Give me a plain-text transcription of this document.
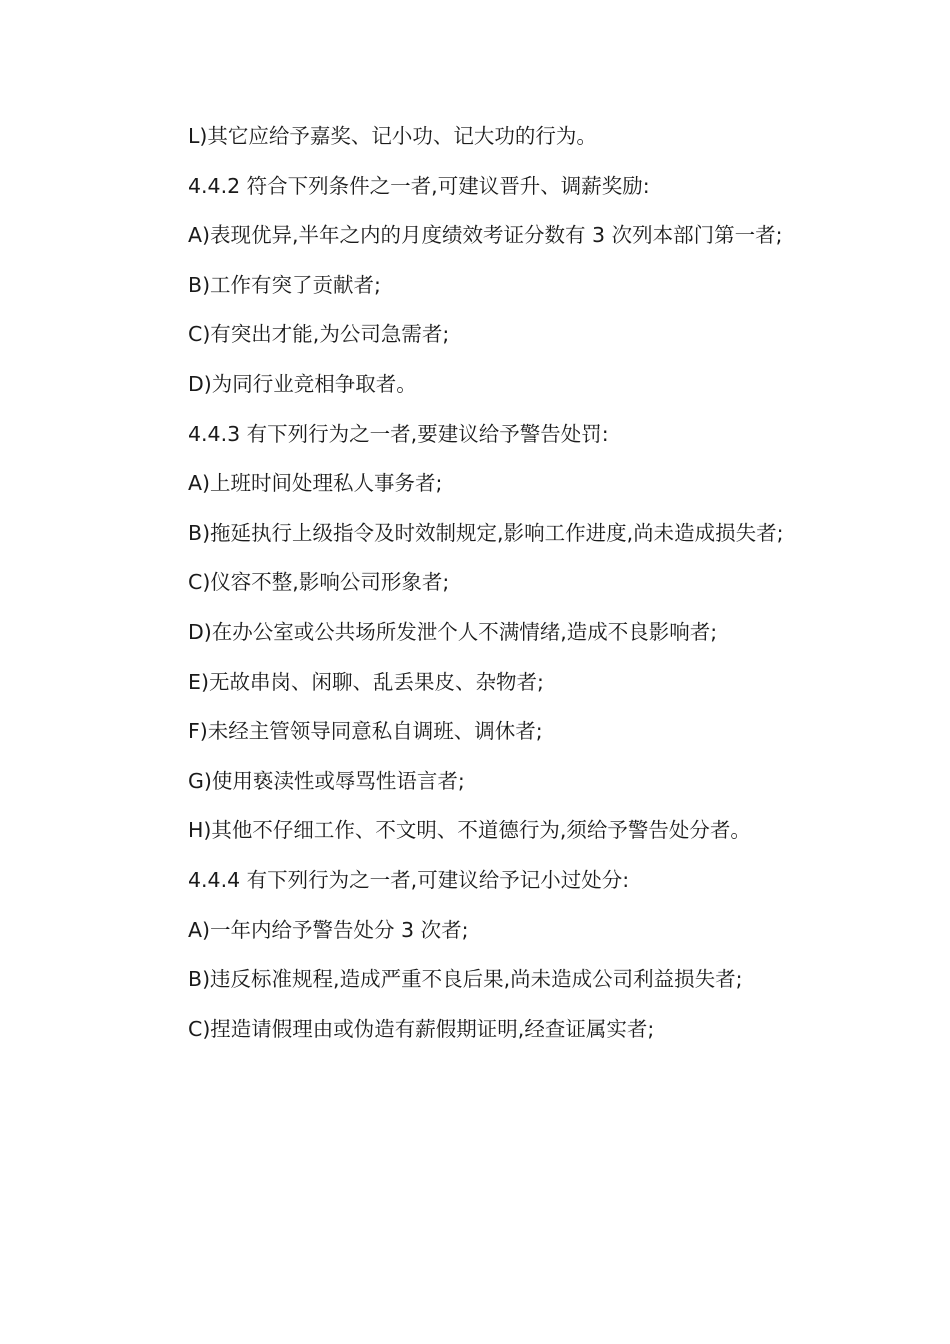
L)其它应给予嘉奖、记小功、记大功的行为。

4.4.2 符合下列条件之一者,可建议晋升、调薪奖励:

A)表现优异,半年之内的月度绩效考证分数有 3 次列本部门第一者;

B)工作有突了贡献者;

C)有突出才能,为公司急需者;

D)为同行业竞相争取者。

4.4.3 有下列行为之一者,要建议给予警告处罚:

A)上班时间处理私人事务者;

B)拖延执行上级指令及时效制规定,影响工作进度,尚未造成损失者;

C)仪容不整,影响公司形象者;

D)在办公室或公共场所发泄个人不满情绪,造成不良影响者;

E)无故串岗、闲聊、乱丢果皮、杂物者;

F)未经主管领导同意私自调班、调休者;

G)使用亵渎性或辱骂性语言者;

H)其他不仔细工作、不文明、不道德行为,须给予警告处分者。

4.4.4 有下列行为之一者,可建议给予记小过处分:

A)一年内给予警告处分 3 次者;

B)违反标准规程,造成严重不良后果,尚未造成公司利益损失者;

C)捏造请假理由或伪造有薪假期证明,经查证属实者;
